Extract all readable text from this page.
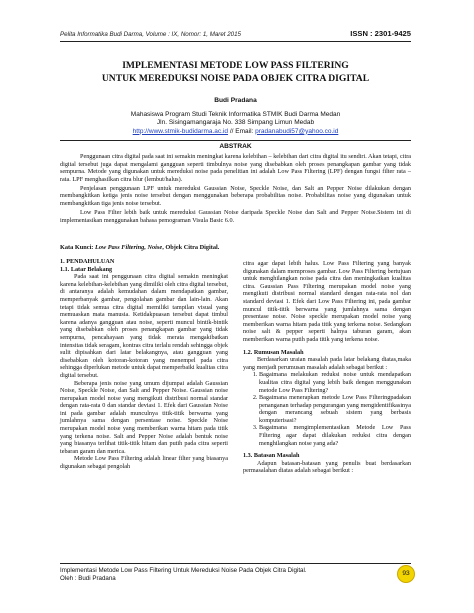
Pelita Informatika Budi Darma, Volume : IX, Nomor: 1, Maret 2015	ISSN : 2301-9425
IMPLEMENTASI METODE LOW PASS FILTERING
UNTUK MEREDUKSI NOISE PADA OBJEK CITRA DIGITAL
Budi Pradana
Mahasiswa Program Studi Teknik Informatika STMIK Budi Darma Medan
Jln. Sisingamangaraja No. 338 Simpang Limun Medab
http://www.stmik-budidarma.ac.id // Email: pradanabudi57@yahoo.co.id
ABSTRAK

Penggunaan citra digital pada saat ini semakin meningkat karena kelebihan – kelebihan dari citra digital itu sendiri. Akan tetapi, citra digital tersebut juga dapat mengalami gangguan seperti timbulnya noise yang disebabkan oleh proses penangkapan gambar yang tidak sempurna. Metode yang digunakan untuk mereduksi noise pada penelitian ini adalah Low Pass Filtering (LPF) dengan fungsi filter rata – rata. LPF menghasilkan citra blur (lembut/halus).

Penjelasan penggunaan LPF untuk mereduksi Gaussian Noise, Speckle Noise, dan Salt an Pepper Noise dilakukan dengan membangkitkan ketiga jenis noise tersebut dengan menggunakan beberapa probabilitas noise. Probabilitas noise yang digunakan untuk membangkitkan tiga jenis noise tersebut.

Low Pass Filter lebih baik untuk mereduksi Gaussian Noise daripada Speckle Noise dan Salt and Pepper Noise.Sistem ini di implementasikan menggunakan bahasa pemograman Visula Basic 6.0.

Kata Kunci: Low Pass Filtering, Noise, Objek Citra Digital.

1. PENDAHULUAN

1.1. Latar Belakang

Pada saat ini penggunaan citra digital semakin meningkat karena kelebihan-kelebihan yang dimiliki oleh citra digital tersebut, di antaranya adalah kemudahan dalam mendapatkan gambar, memperbanyak gambar, pengolahan gambar dan lain-lain. Akan tetapi tidak semua citra digital memiliki tampilan visual yang memuaskan mata manusia. Ketidakpuasan tersebut dapat timbul karena adanya gangguan atau noise, seperti muncul bintik-bintik yang disebabkan oleh proses penangkapan gambar yang tidak sempurna, pencahayaan yang tidak merata mengakibatkan intensitas tidak seragam, kontras citra terlalu rendah sehingga objek sulit dipisahkan dari latar belakangnya, atau gangguan yang disebabkan oleh kotoran-kotoran yang menempel pada citra sehingga diperlukan metode untuk dapat memperbaiki kualitas citra digital tersebut.

Beberapa jenis noise yang umum dijumpai adalah Gaussian Noise, Speckle Noise, dan Salt and Pepper Noise. Gaussian noise merupakan model noise yang mengikuti distribusi normal standar dengan rata-rata 0 dan standar deviasi 1. Efek dari Gaussian Noise ini pada gambar adalah munculnya titik-titik berwarna yang jumlahnya sama dengan persentase noise. Speckle Noise merupakan model noise yang memberikan warna hitam pada titik yang terkena noise. Salt and Pepper Noise adalah bentuk noise yang biasanya terlihat titik-titik hitam dan putih pada citra seperti tebaran garam dan merica.

Metode Low Pass Filtering adalah linear filter yang biasanya digunakan sebagai pengolah

citra agar dapat lebih halus. Low Pass Filtering yang banyak digunakan dalam memproses gambar. Low Pass Filtering bertujuan untuk menghilangkan noise pada citra dan meningkatkan kualitas citra. Gaussian Pass Filtering merupakan model noise yang mengikuti distribusi normal standard dengan rata-rata nol dan standard deviasi 1. Efek dari Low Pass Filtering ini, pada gambar muncul titik-titik berwarna yang jumlahnya sama dengan presentase noise. Noise speckle merupakan model noise yang memberikan warna hitam pada titik yang terkena noise. Sedangkan noise salt & pepper seperti halnya taburan garam, akan memberikan warna putih pada titik yang terkena noise.

1.2. Rumusan Masalah

Berdasarkan uraian masalah pada latar belakang diatas,maka yang menjadi perumusan masalah adalah sebagai berikut :

1. Bagaimana melakukan reduksi noise untuk mendapatkan kualitas citra digital yang lebih baik dengan menggunakan metode Low Pass Filtering?
2. Bagaimana menerapkan metode Low Pass Filteringpadakan penanganan terhadap pengurangan yang mengidentifikasinya dengan merancang sebuah sistem yang berbasis komputerisasi?
3. Bagaimana mengimplementasikan Metode Low Pass Filtering agar dapat dilakukan reduksi citra dengan menghilangkan noise yang ada?

1.3. Batasan Masalah

Adapun batasan-batasan yang penulis buat berdasarkan permasalahan diatas adalah sebagai berikut :

Implementasi Metode Low Pass Filtering Untuk Mereduksi Noise Pada Objek Citra Digital.
Oleh : Budi Pradana
93
